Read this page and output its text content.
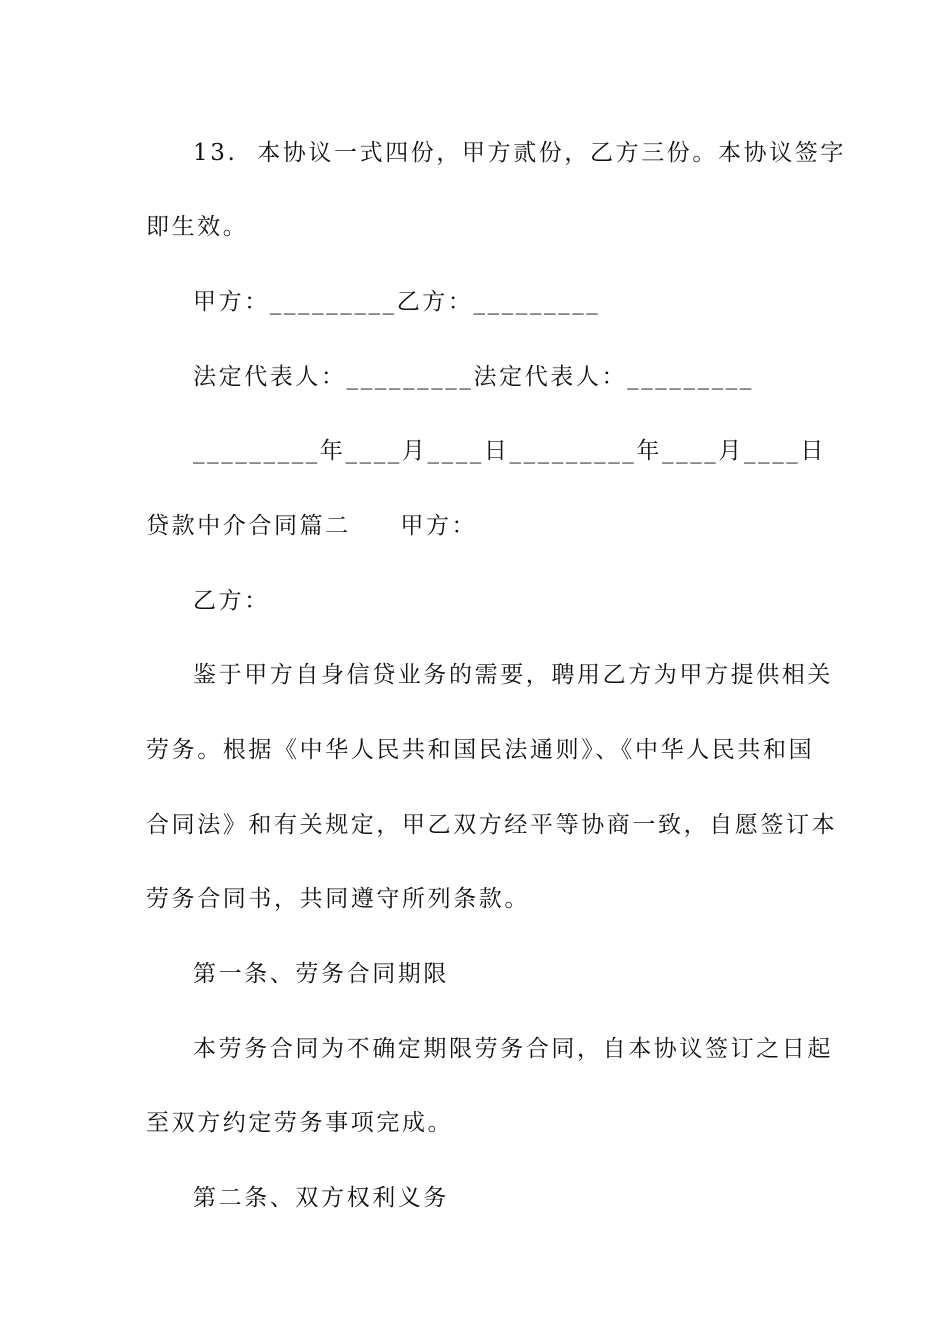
13.  本协议一式四份，甲方贰份，乙方三份。本协议签字
即生效。
甲方：_________乙方：_________
法定代表人：_________法定代表人：_________
_________年____月____日_________年____月____日
贷款中介合同篇二     甲方：
乙方：
鉴于甲方自身信贷业务的需要，聘用乙方为甲方提供相关
劳务。根据《中华人民共和国民法通则》、《中华人民共和国
合同法》和有关规定，甲乙双方经平等协商一致，自愿签订本
劳务合同书，共同遵守所列条款。
第一条、劳务合同期限
本劳务合同为不确定期限劳务合同，自本协议签订之日起
至双方约定劳务事项完成。
第二条、双方权利义务
